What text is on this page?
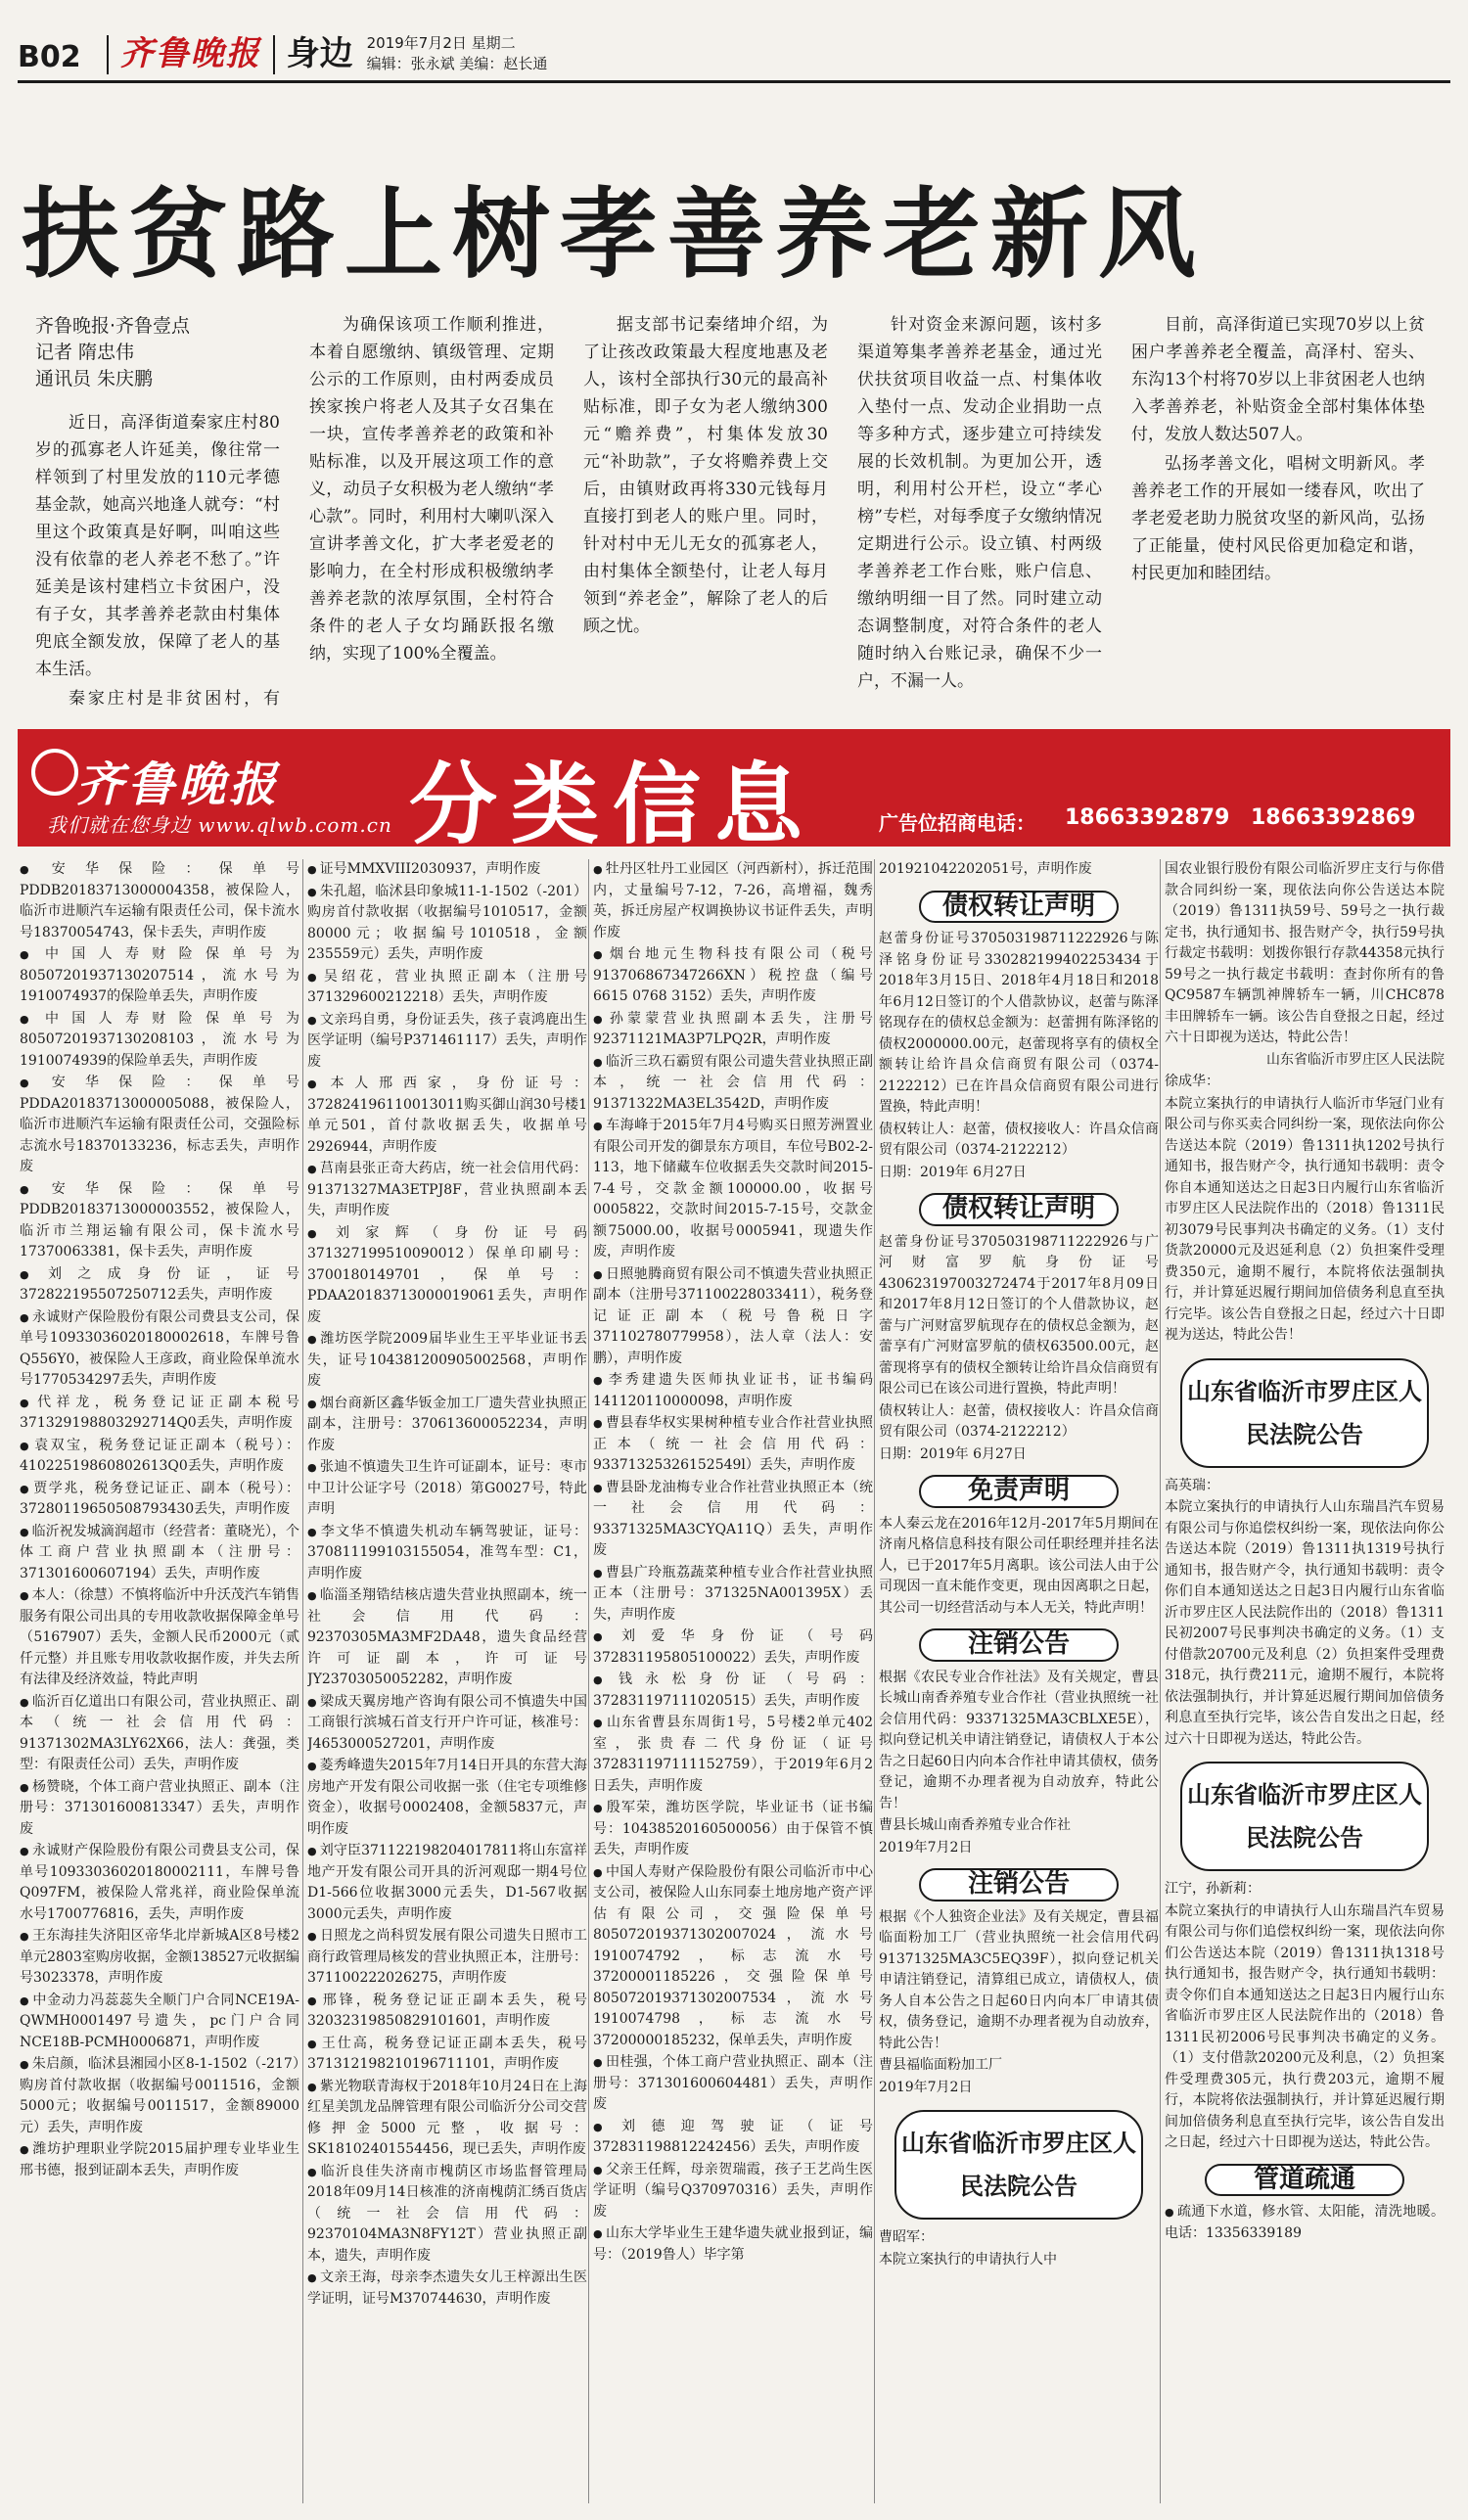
B02 齐鲁晚报 身边 2019年7月2日 星期二
编辑：张永斌 美编：赵长通
扶贫路上树孝善养老新风
齐鲁晚报·齐鲁壹点
记者 隋忠伟
通讯员 朱庆鹏

近日，高泽街道秦家庄村80岁的孤寡老人许延美，像往常一样领到了村里发放的110元孝德基金款，她高兴地逢人就夸：“村里这个政策真是好啊，叫咱这些没有依靠的老人养老不愁了。”许延美是该村建档立卡贫困户，没有子女，其孝善养老款由村集体兜底全额发放，保障了老人的基本生活。

秦家庄村是非贫困村，有

为确保该项工作顺利推进，本着自愿缴纳、镇级管理、定期公示的工作原则，由村两委成员挨家挨户将老人及其子女召集在一块，宣传孝善养老的政策和补贴标准，以及开展这项工作的意义，动员子女积极为老人缴纳“孝心款”。同时，利用村大喇叭深入宣讲孝善文化，扩大孝老爱老的影响力，在全村形成积极缴纳孝善养老款的浓厚氛围，全村符合条件的老人子女均踊跃报名缴纳，实现了100%全覆盖。

据支部书记秦绪坤介绍，为了让孩改政策最大程度地惠及老人，该村全部执行30元的最高补贴标准，即子女为老人缴纳300元“赡养费”，村集体发放30元“补助款”，子女将赡养费上交后，由镇财政再将330元钱每月直接打到老人的账户里。同时，针对村中无儿无女的孤寡老人，由村集体全额垫付，让老人每月领到“养老金”，解除了老人的后顾之忧。

针对资金来源问题，该村多渠道筹集孝善养老基金，通过光伏扶贫项目收益一点、村集体收入垫付一点、发动企业捐助一点等多种方式，逐步建立可持续发展的长效机制。为更加公开，透明，利用村公开栏，设立“孝心榜”专栏，对每季度子女缴纳情况定期进行公示。设立镇、村两级孝善养老工作台账，账户信息、缴纳明细一目了然。同时建立动态调整制度，对符合条件的老人随时纳入台账记录，确保不少一户，不漏一人。

目前，高泽街道已实现70岁以上贫困户孝善养老全覆盖，高泽村、窑头、东沟13个村将70岁以上非贫困老人也纳入孝善养老，补贴资金全部村集体体垫付，发放人数达507人。

弘扬孝善文化，唱树文明新风。孝善养老工作的开展如一缕春风，吹出了孝老爱老助力脱贫攻坚的新风尚，弘扬了正能量，使村风民俗更加稳定和谐，村民更加和睦团结。

齐鲁晚报
我们就在您身边 www.qlwb.com.cn 分类信息	广告位招商电话： 18663392879 18663392869

● 安华保险：保单号PDDB20183713000004358，被保险人，临沂市进顺汽车运输有限责任公司，保卡流水号18370054743，保卡丢失，声明作废

● 中国人寿财险保单号为80507201937130207514，流水号为1910074937的保险单丢失，声明作废

● 中国人寿财险保单号为80507201937130208103，流水号为1910074939的保险单丢失，声明作废

● 安华保险：保单号PDDA20183713000005088，被保险人，临沂市进顺汽车运输有限责任公司，交强险标志流水号18370133236，标志丢失，声明作废

● 安华保险：保单号PDDB20183713000003552，被保险人，临沂市兰翔运输有限公司，保卡流水号17370063381，保卡丢失，声明作废

● 刘之成身份证，证号372822195507250712丢失，声明作废

● 永诚财产保险股份有限公司费县支公司，保单号10933036020180002618，车牌号鲁Q556Y0，被保险人王彦政，商业险保单流水号1770534297丢失，声明作废

● 代祥龙，税务登记证正副本税号371329198803292714Q0丢失，声明作废

● 袁双宝，税务登记证正副本（税号）：41022519860802613Q0丢失，声明作废

● 贾学兆，税务登记证正、副本（税号）：37280119650508793430丢失，声明作废

● 临沂祝发城滴润超市（经营者：董晓光），个体工商户营业执照副本（注册号：371301600607194）丢失，声明作废

● 本人：（徐慧）不慎将临沂中升沃茂汽车销售服务有限公司出具的专用收款收据保障金单号（5167907）丢失，金额人民币2000元（贰仟元整）并且账专用收款收据作废，并失去所有法律及经济效益，特此声明

● 临沂百亿道出口有限公司，营业执照正、副本（统一社会信用代码：91371302MA3LY62X66，法人：龚强，类型：有限责任公司）丢失，声明作废

● 杨赞晓，个体工商户营业执照正、副本（注册号：371301600813347）丢失，声明作废

● 永诚财产保险股份有限公司费县支公司，保单号10933036020180002111，车牌号鲁Q097FM，被保险人常兆祥，商业险保单流水号1700776816，丢失，声明作废

● 王东海挂失济阳区帝华北岸新城A区8号楼2单元2803室购房收据，金额138527元收据编号3023378，声明作废

● 中金动力冯蕊蕊失全顺门户合同NCE19A-QWMH0001497号遗失，pc门户合同NCE18B-PCMH0006871，声明作废

● 朱启颜，临沭县湘园小区8-1-1502（-217）购房首付款收据（收据编号0011516，金额5000元；收据编号0011517，金额89000元）丢失，声明作废

● 潍坊护理职业学院2015届护理专业毕业生邢书德，报到证副本丢失，声明作废

● 证号MMXVIII2030937，声明作废

● 朱孔超，临沭县印象城11-1-1502（-201）购房首付款收据（收据编号1010517，金额80000元；收据编号1010518，金额235559元）丢失，声明作废

● 吴绍花，营业执照正副本（注册号371329600212218）丢失，声明作废

● 文亲玛自勇，身份证丢失，孩子袁鸿鹿出生医学证明（编号P371461117）丢失，声明作废

● 本人邢西家，身份证号：372824196110013011购买御山润30号楼1单元501，首付款收据丢失，收据单号2926944，声明作废

● 莒南县张正奇大药店，统一社会信用代码：91371327MA3ETPJ8F，营业执照副本丢失，声明作废

● 刘家辉（身份证号码371327199510090012）保单印刷号：3700180149701，保单号：PDAA20183713000019061丢失，声明作废

● 潍坊医学院2009届毕业生王平毕业证书丢失，证号104381200905002568，声明作废

● 烟台商新区鑫华钣金加工厂遗失营业执照正副本，注册号：370613600052234，声明作废

● 张迪不慎遗失卫生许可证副本，证号：枣市中卫计公证字号（2018）第G0027号，特此声明

● 李文华不慎遗失机动车辆驾驶证，证号：370811199103155054，准驾车型：C1，声明作废

● 临淄圣翔锆结核店遗失营业执照副本，统一社会信用代码：92370305MA3MF2DA48，遗失食品经营许可证副本，许可证号JY23703050052282，声明作废

● 梁成天翼房地产咨询有限公司不慎遗失中国工商银行滨城石首支行开户许可证，核准号：J4653000527201，声明作废

● 菱秀峰遗失2015年7月14日开具的东营大海房地产开发有限公司收据一张（住宅专项维修资金），收据号0002408，金额5837元，声明作废

● 刘守臣371122198204017811将山东富祥地产开发有限公司开具的沂河观邸一期4号位D1-566位收据3000元丢失，D1-567收据3000元丢失，声明作废

● 日照龙之尚科贸发展有限公司遗失日照市工商行政管理局核发的营业执照正本，注册号：371100222026275，声明作废

● 邢锋，税务登记证正副本丢失，税号32032319850829101601，声明作废

● 王仕高，税务登记证正副本丢失，税号371312198210196711101，声明作废

● 紫光物联青海权于2018年10月24日在上海红星美凯龙品牌管理有限公司临沂分公司交营修押金5000元整，收据号：SK18102401554456，现已丢失，声明作废

● 临沂良佳失济南市槐荫区市场监督管理局2018年09月14日核准的济南槐荫汇绣百货店（统一社会信用代码：92370104MA3N8FY12T）营业执照正副本，遗失，声明作废

● 文亲王海，母亲李杰遗失女儿王梓源出生医学证明，证号M370744630，声明作废

● 牡丹区牡丹工业园区（河西新村），拆迁范围内，丈量编号7-12，7-26，高增福，魏秀英，拆迁房屋产权调换协议书证件丢失，声明作废

● 烟台地元生物科技有限公司（税号913706867347266XN）税控盘（编号6615 0768 3152）丢失，声明作废

● 孙蒙蒙营业执照副本丢失，注册号92371121MA3P7LPQ2R，声明作废

● 临沂三玖石霸贸有限公司遗失营业执照正副本，统一社会信用代码：91371322MA3EL3542D，声明作废

● 车海峰于2015年7月4号购买日照芳洲置业有限公司开发的御景东方项目，车位号B02-2-113，地下储藏车位收据丢失交款时间2015-7-4号，交款金额100000.00，收据号0005822，交款时间2015-7-15号，交款金额75000.00，收据号0005941，现遗失作废，声明作废

● 日照驰腾商贸有限公司不慎遗失营业执照正副本（注册号371100228033411），税务登记证正副本（税号鲁税日字371102780779958），法人章（法人：安鹏），声明作废

● 李秀建遗失医师执业证书，证书编码141120110000098，声明作废

● 曹县春华权实果树种植专业合作社营业执照正本（统一社会信用代码：93371325326152549l）丢失，声明作废

● 曹县卧龙油梅专业合作社营业执照正本（统一社会信用代码：93371325MA3CYQA11Q）丢失，声明作废

● 曹县广玲瓶荔蔬菜种植专业合作社营业执照正本（注册号：371325NA001395X）丢失，声明作废

● 刘爱华身份证（号码372831195805100022）丢失，声明作废

● 钱永松身份证（号码：372831197111020515）丢失，声明作废

● 山东省曹县东周街1号，5号楼2单元402室，张贵春二代身份证（证号372831197111152759），于2019年6月2日丢失，声明作废

● 殷军荣，潍坊医学院，毕业证书（证书编号：10438520160500056）由于保管不慎丢失，声明作废

● 中国人寿财产保险股份有限公司临沂市中心支公司，被保险人山东同泰土地房地产资产评估有限公司，交强险保单号805072019371302007024，流水号1910074792，标志流水号37200001185226，交强险保单号805072019371302007534，流水号1910074798，标志流水号37200000185232，保单丢失，声明作废

● 田桂强，个体工商户营业执照正、副本（注册号：371301600604481）丢失，声明作废

● 刘德迎驾驶证（证号372831198812242456）丢失，声明作废

● 父亲王任辉，母亲贺瑞霞，孩子王艺尚生医学证明（编号Q370970316）丢失，声明作废

● 山东大学毕业生王建华遗失就业报到证，编号：（2019鲁人）毕字第

201921042202051号，声明作废

债权转让声明

赵蕾身份证号370503198711222926与陈泽铭身份证号330282199402253434于2018年3月15日、2018年4月18日和2018年6月12日签订的个人借款协议，赵蕾与陈泽铭现存在的债权总金额为：赵蕾拥有陈泽铭的债权2000000.00元，赵蕾现将享有的债权全额转让给许昌众信商贸有限公司（0374-2122212）已在许昌众信商贸有限公司进行置换，特此声明！

债权转让人：赵蕾，债权接收人：许昌众信商贸有限公司（0374-2122212）

日期：2019年 6月27日

债权转让声明

赵蕾身份证号370503198711222926与广河财富罗航身份证号430623197003272474于2017年8月09日和2017年8月12日签订的个人借款协议，赵蕾与广河财富罗航现存在的债权总金额为，赵蕾享有广河财富罗航的债权63500.00元，赵蕾现将享有的债权全额转让给许昌众信商贸有限公司已在该公司进行置换，特此声明！

债权转让人：赵蕾，债权接收人：许昌众信商贸有限公司（0374-2122212）

日期：2019年 6月27日

免责声明

本人秦云龙在2016年12月-2017年5月期间在济南凡格信息科技有限公司任职经理并挂名法人，已于2017年5月离职。该公司法人由于公司现因一直未能作变更，现由因离职之日起，其公司一切经营活动与本人无关，特此声明！

注销公告

根据《农民专业合作社法》及有关规定，曹县长城山南香养殖专业合作社（营业执照统一社会信用代码：93371325MA3CBLXE5E），拟向登记机关申请注销登记，请债权人于本公告之日起60日内向本合作社申请其债权，债务登记，逾期不办理者视为自动放弃，特此公告！

曹县长城山南香养殖专业合作社

2019年7月2日

注销公告

根据《个人独资企业法》及有关规定，曹县福临面粉加工厂（营业执照统一社会信用代码91371325MA3C5EQ39F），拟向登记机关申请注销登记，清算组已成立，请债权人，债务人自本公告之日起60日内向本厂申请其债权，债务登记，逾期不办理者视为自动放弃，特此公告！

曹县福临面粉加工厂

2019年7月2日

山东省临沂市罗庄区人民法院公告

曹昭军：

本院立案执行的申请执行人中

国农业银行股份有限公司临沂罗庄支行与你借款合同纠纷一案，现依法向你公告送达本院（2019）鲁1311执59号、59号之一执行裁定书，执行通知书、报告财产令，执行59号执行裁定书载明：划拨你银行存款44358元执行59号之一执行裁定书载明：查封你所有的鲁QC9587车辆凯神牌轿车一辆，川CHC878丰田牌轿车一辆。该公告自登报之日起，经过六十日即视为送达，特此公告！

山东省临沂市罗庄区人民法院

徐成华：

本院立案执行的申请执行人临沂市华冠门业有限公司与你买卖合同纠纷一案，现依法向你公告送达本院（2019）鲁1311执1202号执行通知书，报告财产令，执行通知书载明：责令你自本通知送达之日起3日内履行山东省临沂市罗庄区人民法院作出的（2018）鲁1311民初3079号民事判决书确定的义务。（1）支付货款20000元及迟延利息（2）负担案件受理费350元，逾期不履行，本院将依法强制执行，并计算延迟履行期间加倍债务利息直至执行完毕。该公告自登报之日起，经过六十日即视为送达，特此公告！

山东省临沂市罗庄区人民法院公告

高英瑞：

本院立案执行的申请执行人山东瑞昌汽车贸易有限公司与你追偿权纠纷一案，现依法向你公告送达本院（2019）鲁1311执1319号执行通知书，报告财产令，执行通知书载明：责令你们自本通知送达之日起3日内履行山东省临沂市罗庄区人民法院作出的（2018）鲁1311民初2007号民事判决书确定的义务。（1）支付借款20700元及利息（2）负担案件受理费318元，执行费211元，逾期不履行，本院将依法强制执行，并计算延迟履行期间加倍债务利息直至执行完毕，该公告自发出之日起，经过六十日即视为送达，特此公告。

山东省临沂市罗庄区人民法院公告

江宁，孙新莉：

本院立案执行的申请执行人山东瑞昌汽车贸易有限公司与你们追偿权纠纷一案，现依法向你们公告送达本院（2019）鲁1311执1318号执行通知书，报告财产令，执行通知书载明：责令你们自本通知送达之日起3日内履行山东省临沂市罗庄区人民法院作出的（2018）鲁1311民初2006号民事判决书确定的义务。（1）支付借款20200元及利息，（2）负担案件受理费305元，执行费203元，逾期不履行，本院将依法强制执行，并计算延迟履行期间加倍债务利息直至执行完毕，该公告自发出之日起，经过六十日即视为送达，特此公告。

管道疏通

● 疏通下水道，修水管、太阳能，清洗地暖。 电话：13356339189
